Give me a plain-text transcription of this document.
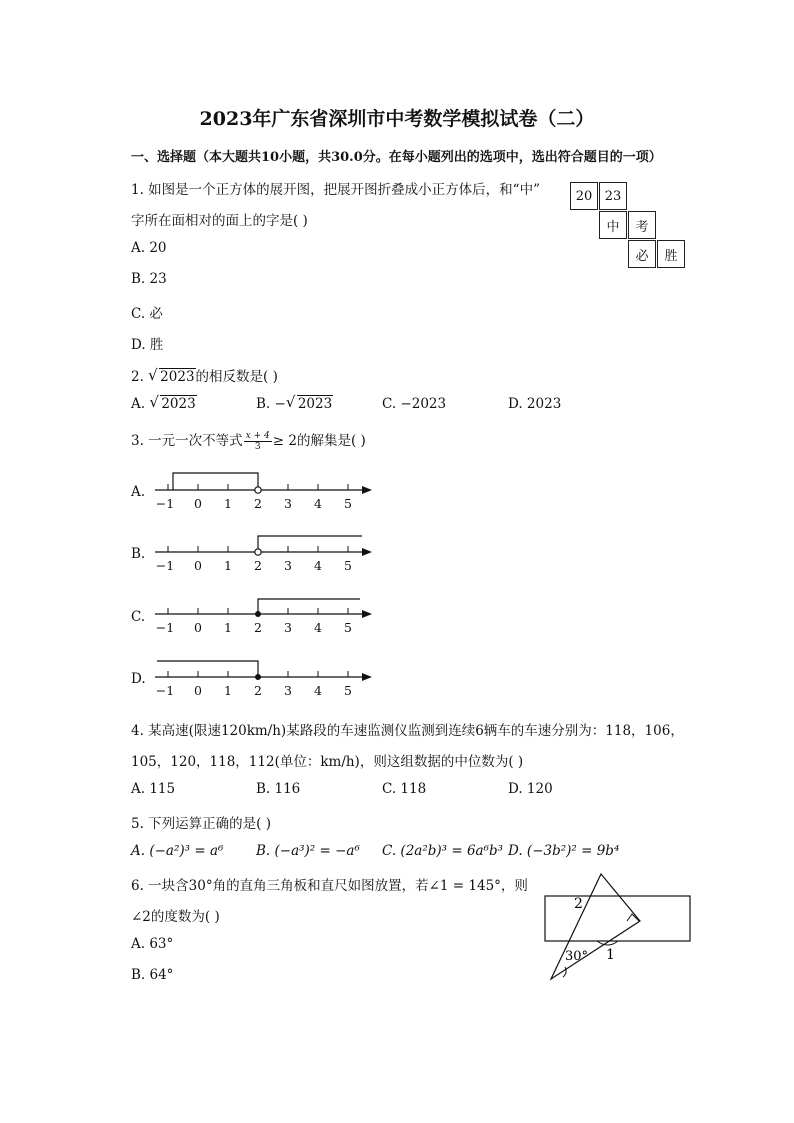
2023年广东省深圳市中考数学模拟试卷（二）
一、选择题（本大题共10小题，共30.0分。在每小题列出的选项中，选出符合题目的一项）
1. 如图是一个正方体的展开图，把展开图折叠成小正方体后，和“中”
字所在面相对的面上的字是( )
A. 20
B. 23
C. 必
D. 胜
20 23
中	考
必	胜
2. √ 2023的相反数是( )
A. √ 2023	B. −√ 2023	C. −2023	D. 2023
3. 一元一次不等式 $\frac{x + 4}{3} \ge 2$的解集是( )
A.
B.
C.
D.
−1 0 1 2 3 4 5
−1 0 1 2 3 4 5
−1 0 1 2 3 4 5
−1 0 1 2 3 4 5
2
30° 1
4. 某高速(限速120km/h)某路段的车速监测仪监测到连续6辆车的车速分别为：118，106，
105，120，118，112(单位：km/h)，则这组数据的中位数为( )
A. 115	B. 116	C. 118	D. 120
5. 下列运算正确的是( )
A. (−a²)³ = a⁶ B. (−a³)² = −a⁶ C. (2a²b)³ = 6a⁶b³ D. (−3b²)² = 9b⁴
6. 一块含30°角的直角三角板和直尺如图放置，若∠1 = 145°，则
∠2的度数为( )
A. 63°
B. 64°
